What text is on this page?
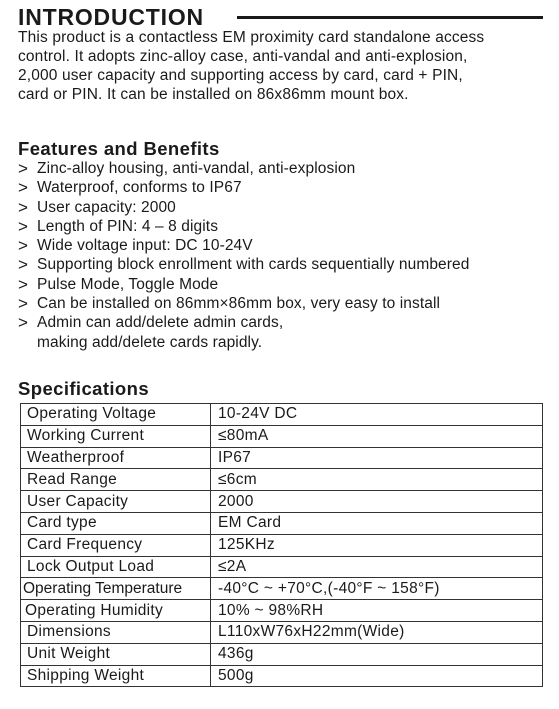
INTRODUCTION
This product is a contactless EM proximity card standalone access
control. It adopts zinc-alloy case, anti-vandal and anti-explosion,
2,000 user capacity and supporting access by card, card + PIN,
card or PIN. It can be installed on 86x86mm mount box.
Features and Benefits
> Zinc-alloy housing, anti-vandal, anti-explosion
> Waterproof, conforms to IP67
> User capacity: 2000
> Length of PIN: 4 – 8 digits
> Wide voltage input: DC 10-24V
> Supporting block enrollment with cards sequentially numbered
> Pulse Mode, Toggle Mode
> Can be installed on 86mm×86mm box, very easy to install
> Admin can add/delete admin cards,
making add/delete cards rapidly.
Specifications
Operating Voltage	10-24V DC
Working Current	≤80mA
Weatherproof	IP67
Read Range	≤6cm
User Capacity	2000
Card type	EM Card
Card Frequency	125KHz
Lock Output Load	≤2A
Operating Temperature	-40°C ~ +70°C,(-40°F ~ 158°F)
Operating Humidity	10% ~ 98%RH
Dimensions	L110xW76xH22mm(Wide)
Unit Weight	436g
Shipping Weight	500g
